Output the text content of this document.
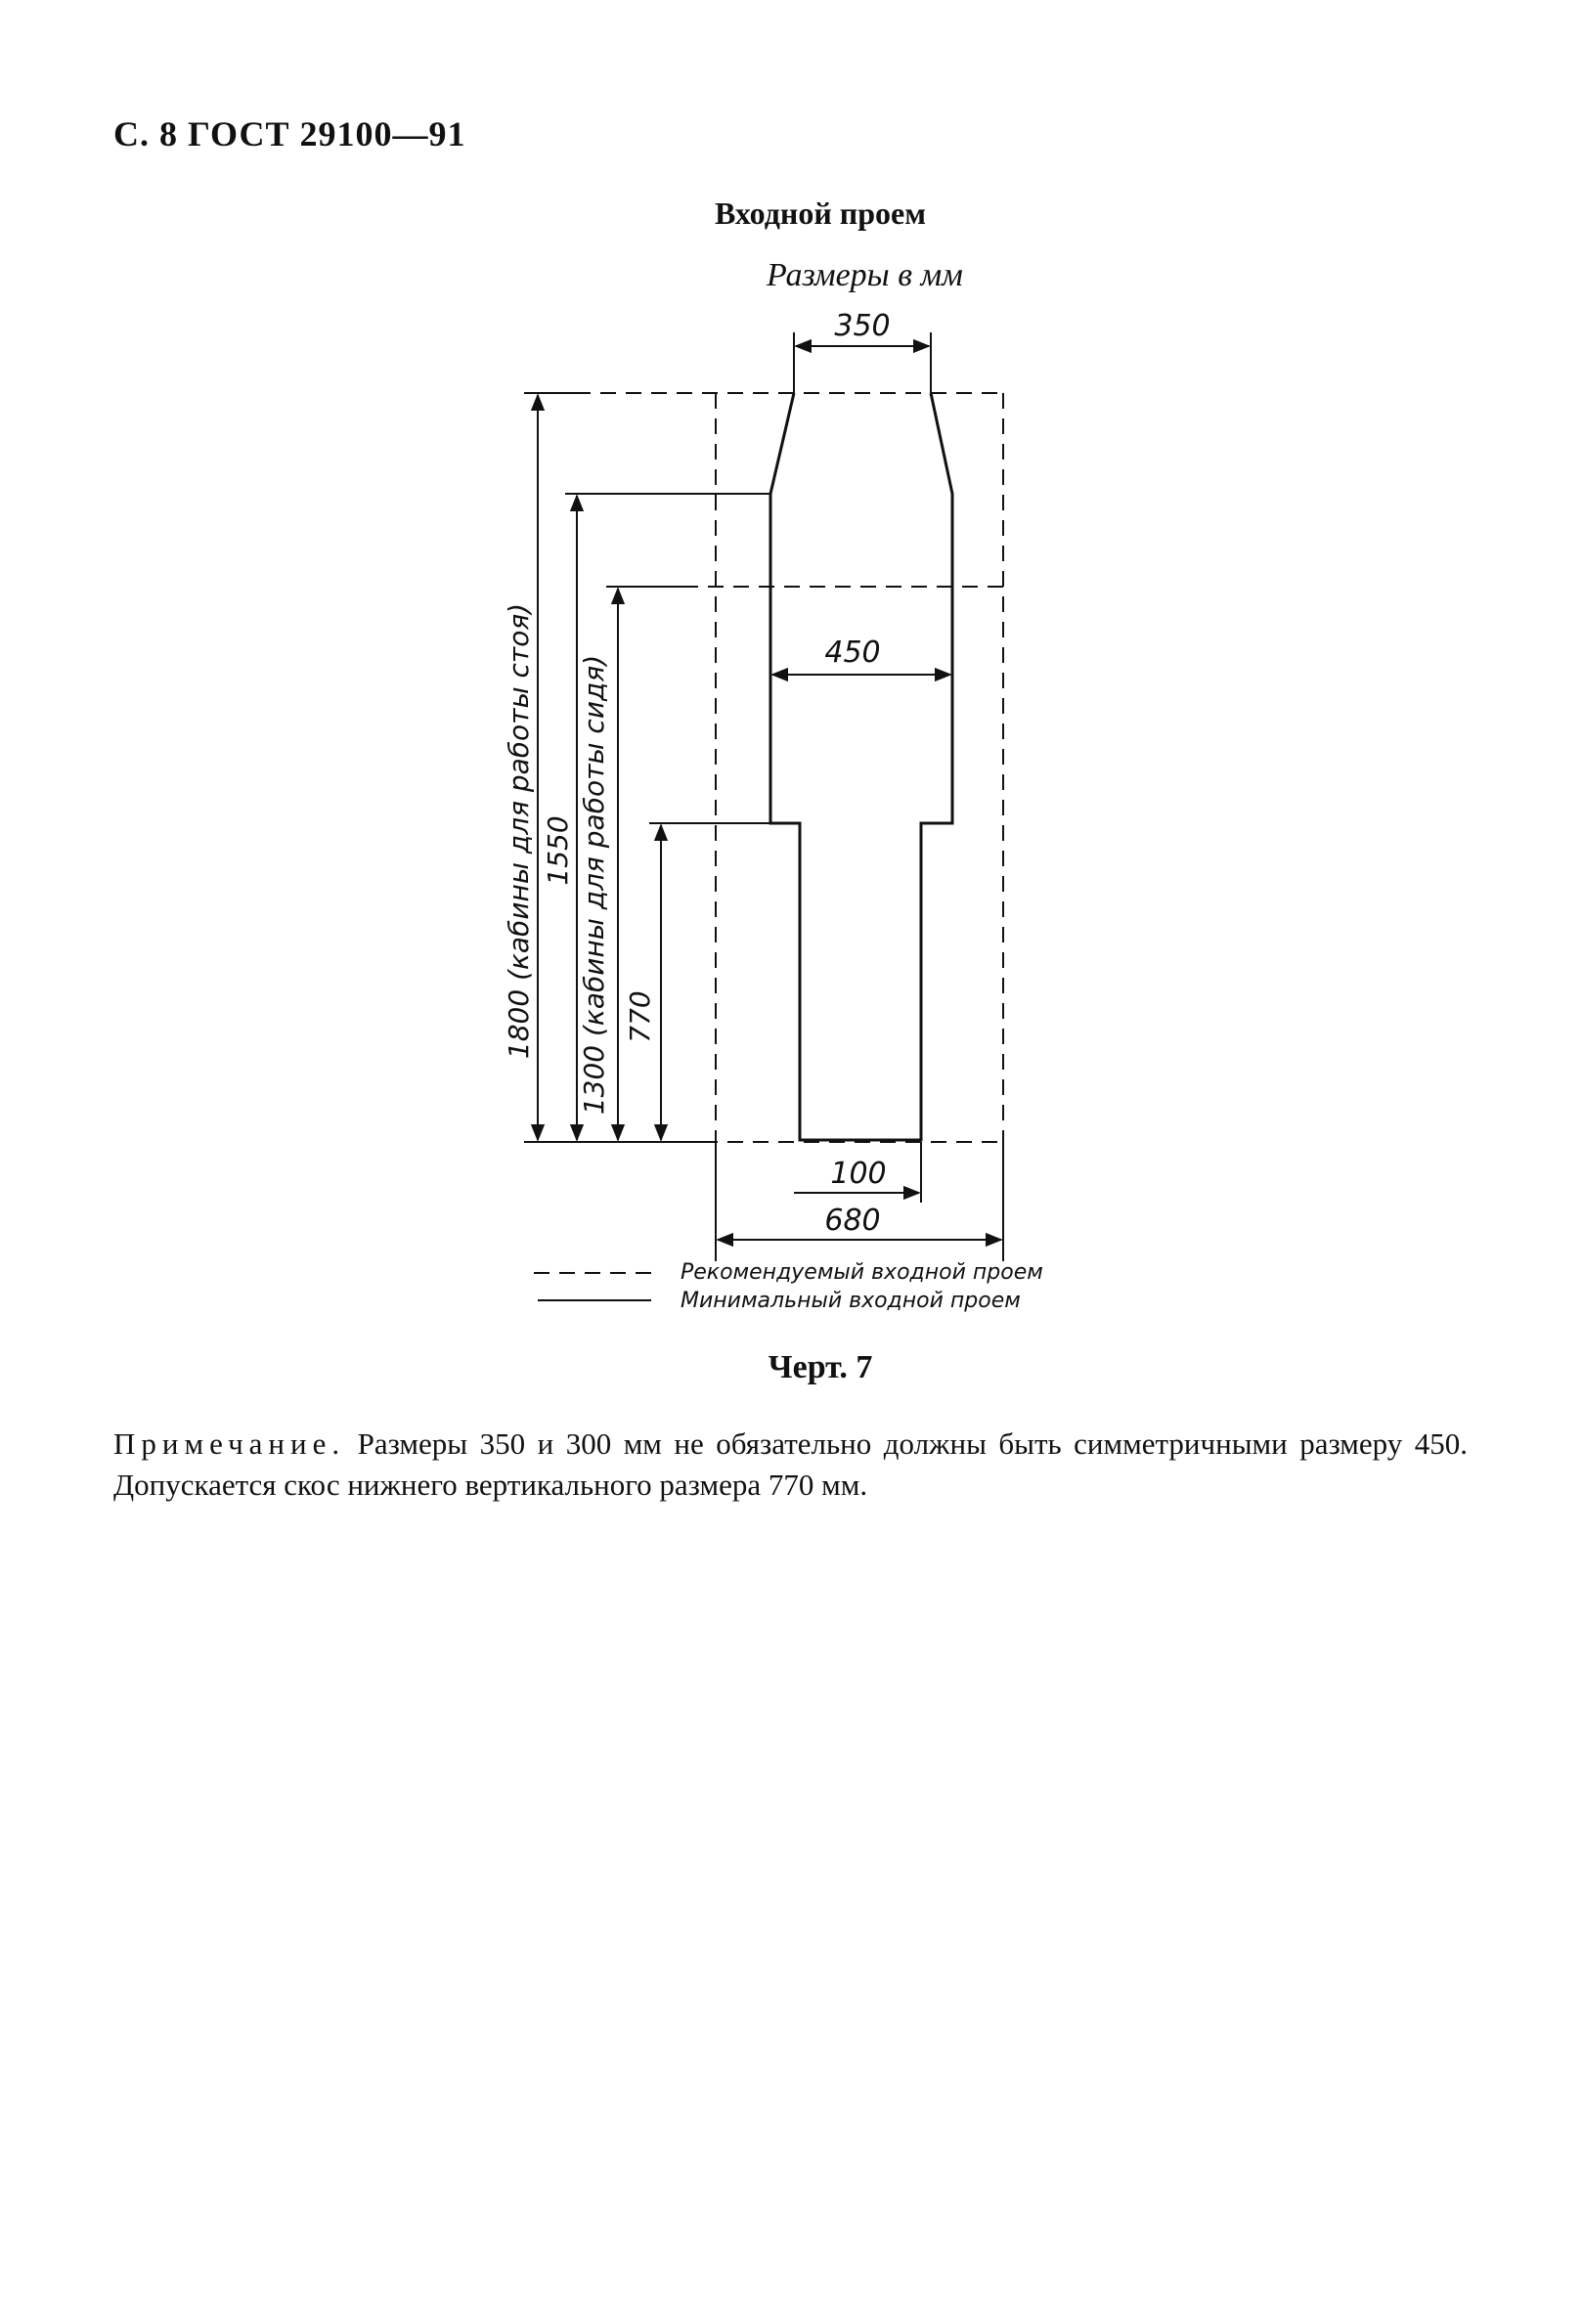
С. 8 ГОСТ 29100—91
Входной проем
Размеры в мм
350
450
100
680
1800 (кабины для работы стоя) 1550 1300 (кабины для работы сидя) 770
Рекомендуемый входной проем
Минимальный входной проем
Черт. 7
Примечание. Размеры 350 и 300 мм не обязательно должны быть симметричными размеру 450. Допускается скос нижнего вертикального размера 770 мм.
